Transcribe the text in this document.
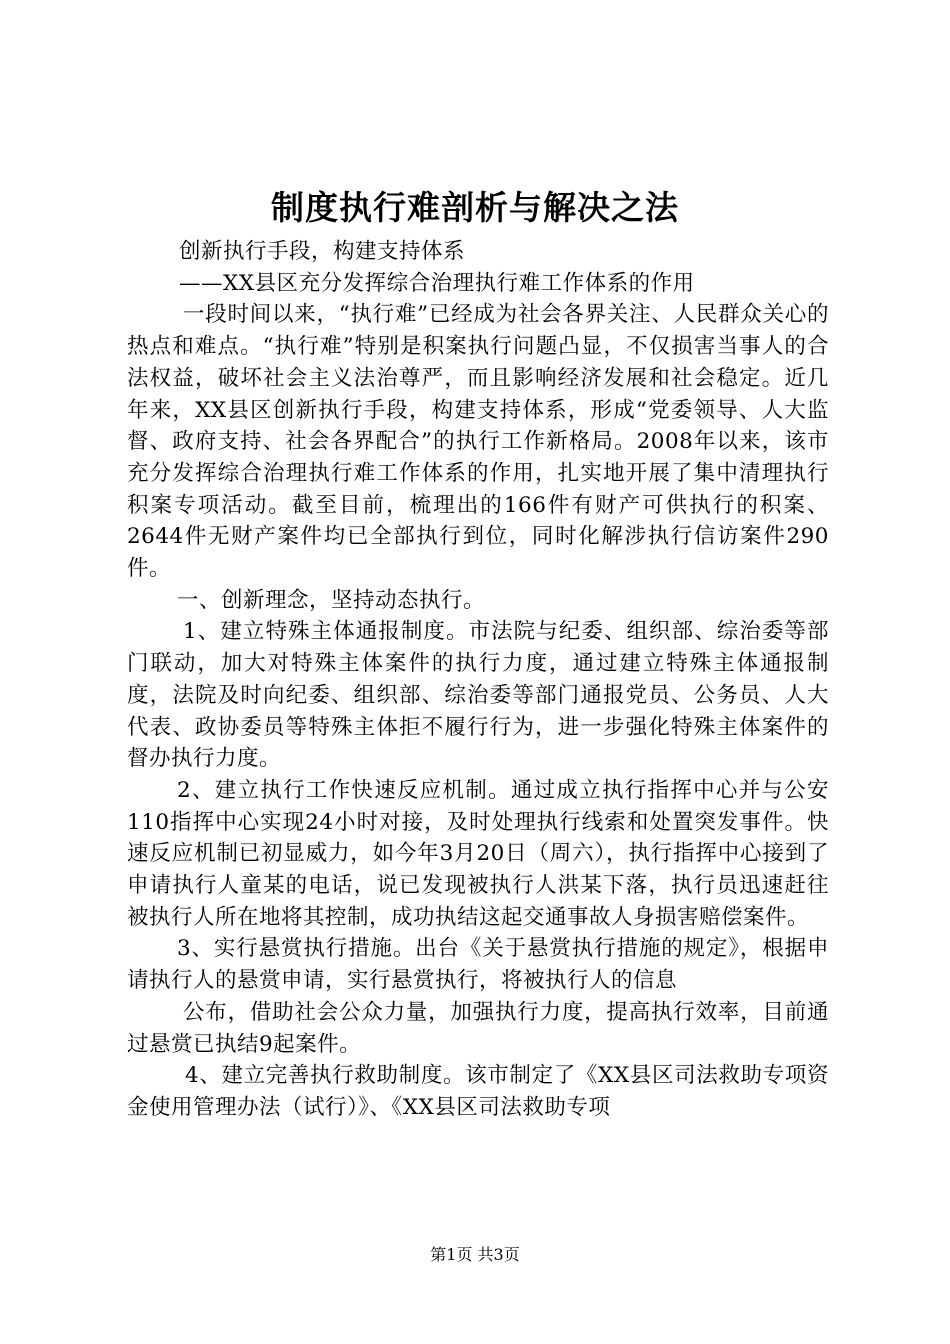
制度执行难剖析与解决之法

创新执行手段，构建支持体系

——XX县区充分发挥综合治理执行难工作体系的作用

一段时间以来，“执行难”已经成为社会各界关注、人民群众关心的热点和难点。“执行难”特别是积案执行问题凸显，不仅损害当事人的合法权益，破坏社会主义法治尊严，而且影响经济发展和社会稳定。近几年来，XX县区创新执行手段，构建支持体系，形成“党委领导、人大监督、政府支持、社会各界配合”的执行工作新格局。2008年以来，该市充分发挥综合治理执行难工作体系的作用，扎实地开展了集中清理执行积案专项活动。截至目前，梳理出的166件有财产可供执行的积案、2644件无财产案件均已全部执行到位，同时化解涉执行信访案件290件。

一、创新理念，坚持动态执行。

1、建立特殊主体通报制度。市法院与纪委、组织部、综治委等部门联动，加大对特殊主体案件的执行力度，通过建立特殊主体通报制度，法院及时向纪委、组织部、综治委等部门通报党员、公务员、人大代表、政协委员等特殊主体拒不履行行为，进一步强化特殊主体案件的督办执行力度。

2、建立执行工作快速反应机制。通过成立执行指挥中心并与公安110指挥中心实现24小时对接，及时处理执行线索和处置突发事件。快速反应机制已初显威力，如今年3月20日（周六），执行指挥中心接到了申请执行人童某的电话，说已发现被执行人洪某下落，执行员迅速赶往被执行人所在地将其控制，成功执结这起交通事故人身损害赔偿案件。

3、实行悬赏执行措施。出台《关于悬赏执行措施的规定》，根据申请执行人的悬赏申请，实行悬赏执行，将被执行人的信息

公布，借助社会公众力量，加强执行力度，提高执行效率，目前通过悬赏已执结9起案件。

4、建立完善执行救助制度。该市制定了《XX县区司法救助专项资金使用管理办法（试行）》、《XX县区司法救助专项

第1页 共3页
